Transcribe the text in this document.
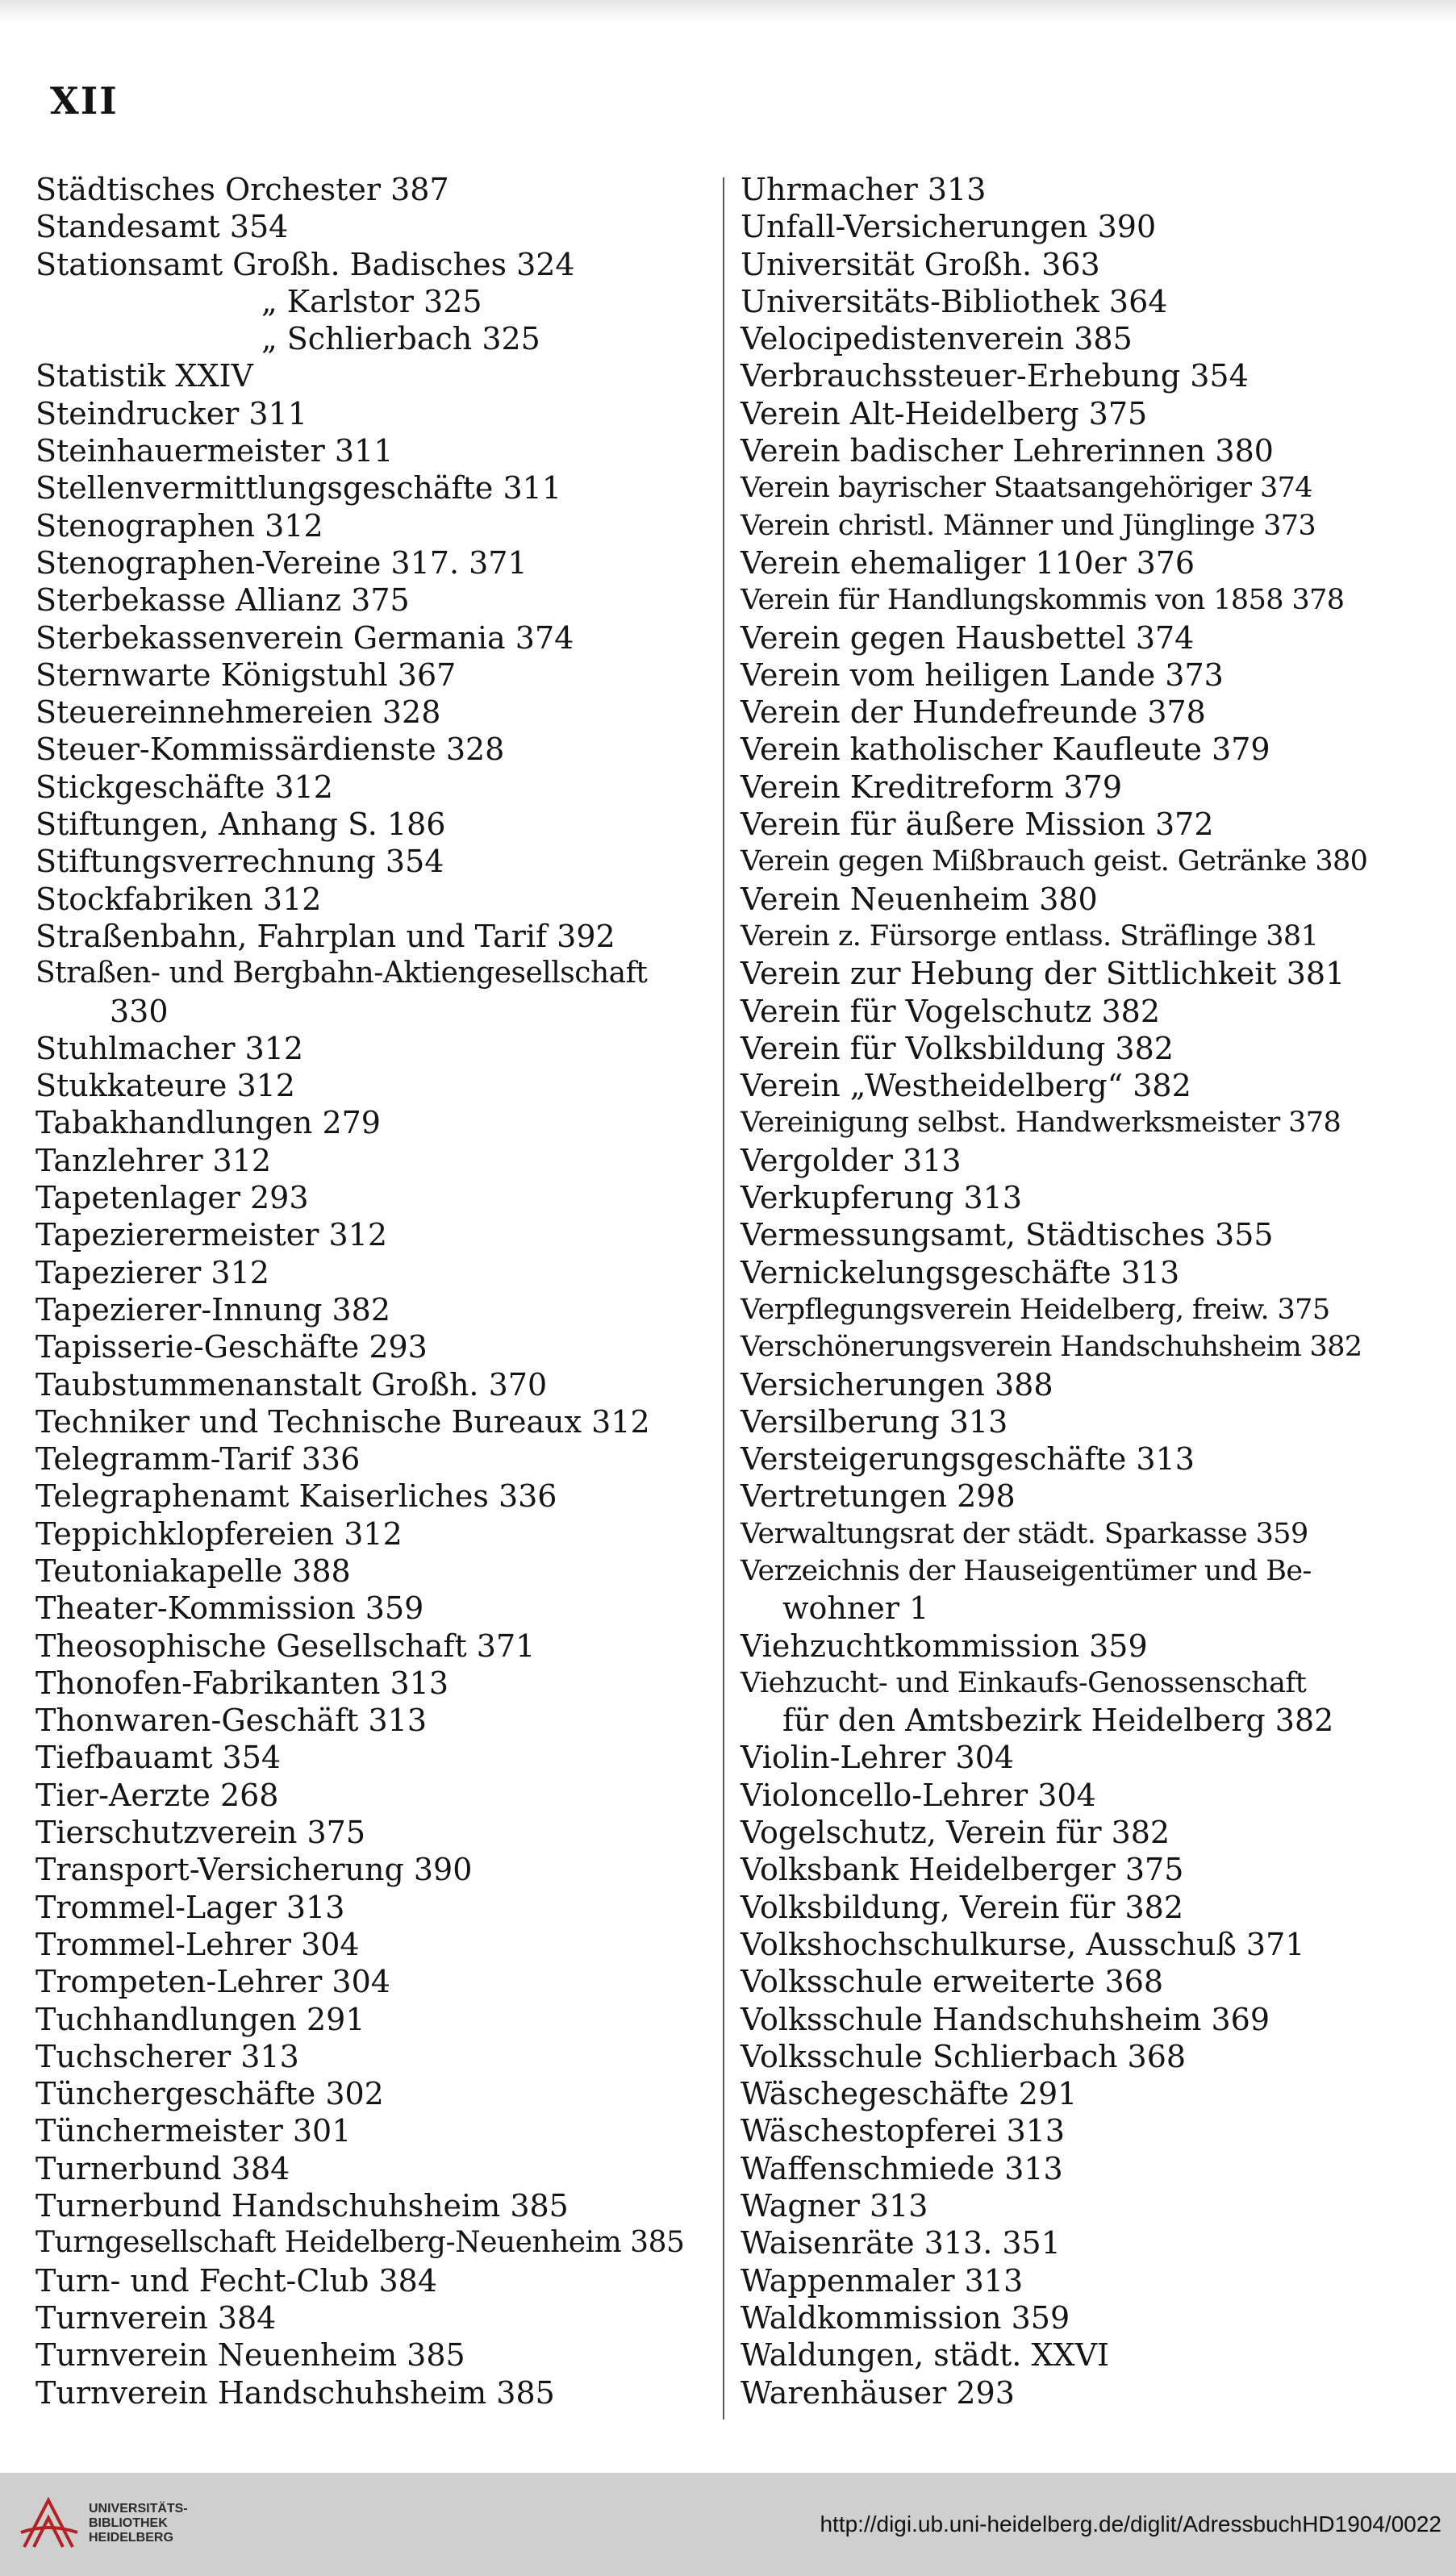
XII
Städtisches Orchester 387
Standesamt 354
Stationsamt Großh. Badisches 324
„ Karlstor 325
„ Schlierbach 325
Statistik XXIV
Steindrucker 311
Steinhauermeister 311
Stellenvermittlungsgeschäfte 311
Stenographen 312
Stenographen-Vereine 317. 371
Sterbekasse Allianz 375
Sterbekassenverein Germania 374
Sternwarte Königstuhl 367
Steuereinnehmereien 328
Steuer-Kommissärdienste 328
Stickgeschäfte 312
Stiftungen, Anhang S. 186
Stiftungsverrechnung 354
Stockfabriken 312
Straßenbahn, Fahrplan und Tarif 392
Straßen- und Bergbahn-Aktiengesellschaft
330
Stuhlmacher 312
Stukkateure 312
Tabakhandlungen 279
Tanzlehrer 312
Tapetenlager 293
Tapezierermeister 312
Tapezierer 312
Tapezierer-Innung 382
Tapisserie-Geschäfte 293
Taubstummenanstalt Großh. 370
Techniker und Technische Bureaux 312
Telegramm-Tarif 336
Telegraphenamt Kaiserliches 336
Teppichklopfereien 312
Teutoniakapelle 388
Theater-Kommission 359
Theosophische Gesellschaft 371
Thonofen-Fabrikanten 313
Thonwaren-Geschäft 313
Tiefbauamt 354
Tier-Aerzte 268
Tierschutzverein 375
Transport-Versicherung 390
Trommel-Lager 313
Trommel-Lehrer 304
Trompeten-Lehrer 304
Tuchhandlungen 291
Tuchscherer 313
Tünchergeschäfte 302
Tünchermeister 301
Turnerbund 384
Turnerbund Handschuhsheim 385
Turngesellschaft Heidelberg-Neuenheim 385
Turn- und Fecht-Club 384
Turnverein 384
Turnverein Neuenheim 385
Turnverein Handschuhsheim 385
Uhrmacher 313
Unfall-Versicherungen 390
Universität Großh. 363
Universitäts-Bibliothek 364
Velocipedistenverein 385
Verbrauchssteuer-Erhebung 354
Verein Alt-Heidelberg 375
Verein badischer Lehrerinnen 380
Verein bayrischer Staatsangehöriger 374
Verein christl. Männer und Jünglinge 373
Verein ehemaliger 110er 376
Verein für Handlungskommis von 1858 378
Verein gegen Hausbettel 374
Verein vom heiligen Lande 373
Verein der Hundefreunde 378
Verein katholischer Kaufleute 379
Verein Kreditreform 379
Verein für äußere Mission 372
Verein gegen Mißbrauch geist. Getränke 380
Verein Neuenheim 380
Verein z. Fürsorge entlass. Sträflinge 381
Verein zur Hebung der Sittlichkeit 381
Verein für Vogelschutz 382
Verein für Volksbildung 382
Verein „Westheidelberg“ 382
Vereinigung selbst. Handwerksmeister 378
Vergolder 313
Verkupferung 313
Vermessungsamt, Städtisches 355
Vernickelungsgeschäfte 313
Verpflegungsverein Heidelberg, freiw. 375
Verschönerungsverein Handschuhsheim 382
Versicherungen 388
Versilberung 313
Versteigerungsgeschäfte 313
Vertretungen 298
Verwaltungsrat der städt. Sparkasse 359
Verzeichnis der Hauseigentümer und Be-
wohner 1
Viehzuchtkommission 359
Viehzucht- und Einkaufs-Genossenschaft
für den Amtsbezirk Heidelberg 382
Violin-Lehrer 304
Violoncello-Lehrer 304
Vogelschutz, Verein für 382
Volksbank Heidelberger 375
Volksbildung, Verein für 382
Volkshochschulkurse, Ausschuß 371
Volksschule erweiterte 368
Volksschule Handschuhsheim 369
Volksschule Schlierbach 368
Wäschegeschäfte 291
Wäschestopferei 313
Waffenschmiede 313
Wagner 313
Waisenräte 313. 351
Wappenmaler 313
Waldkommission 359
Waldungen, städt. XXVI
Warenhäuser 293
UNIVERSITÄTS-
BIBLIOTHEK
HEIDELBERG
http://digi.ub.uni-heidelberg.de/diglit/AdressbuchHD1904/0022
